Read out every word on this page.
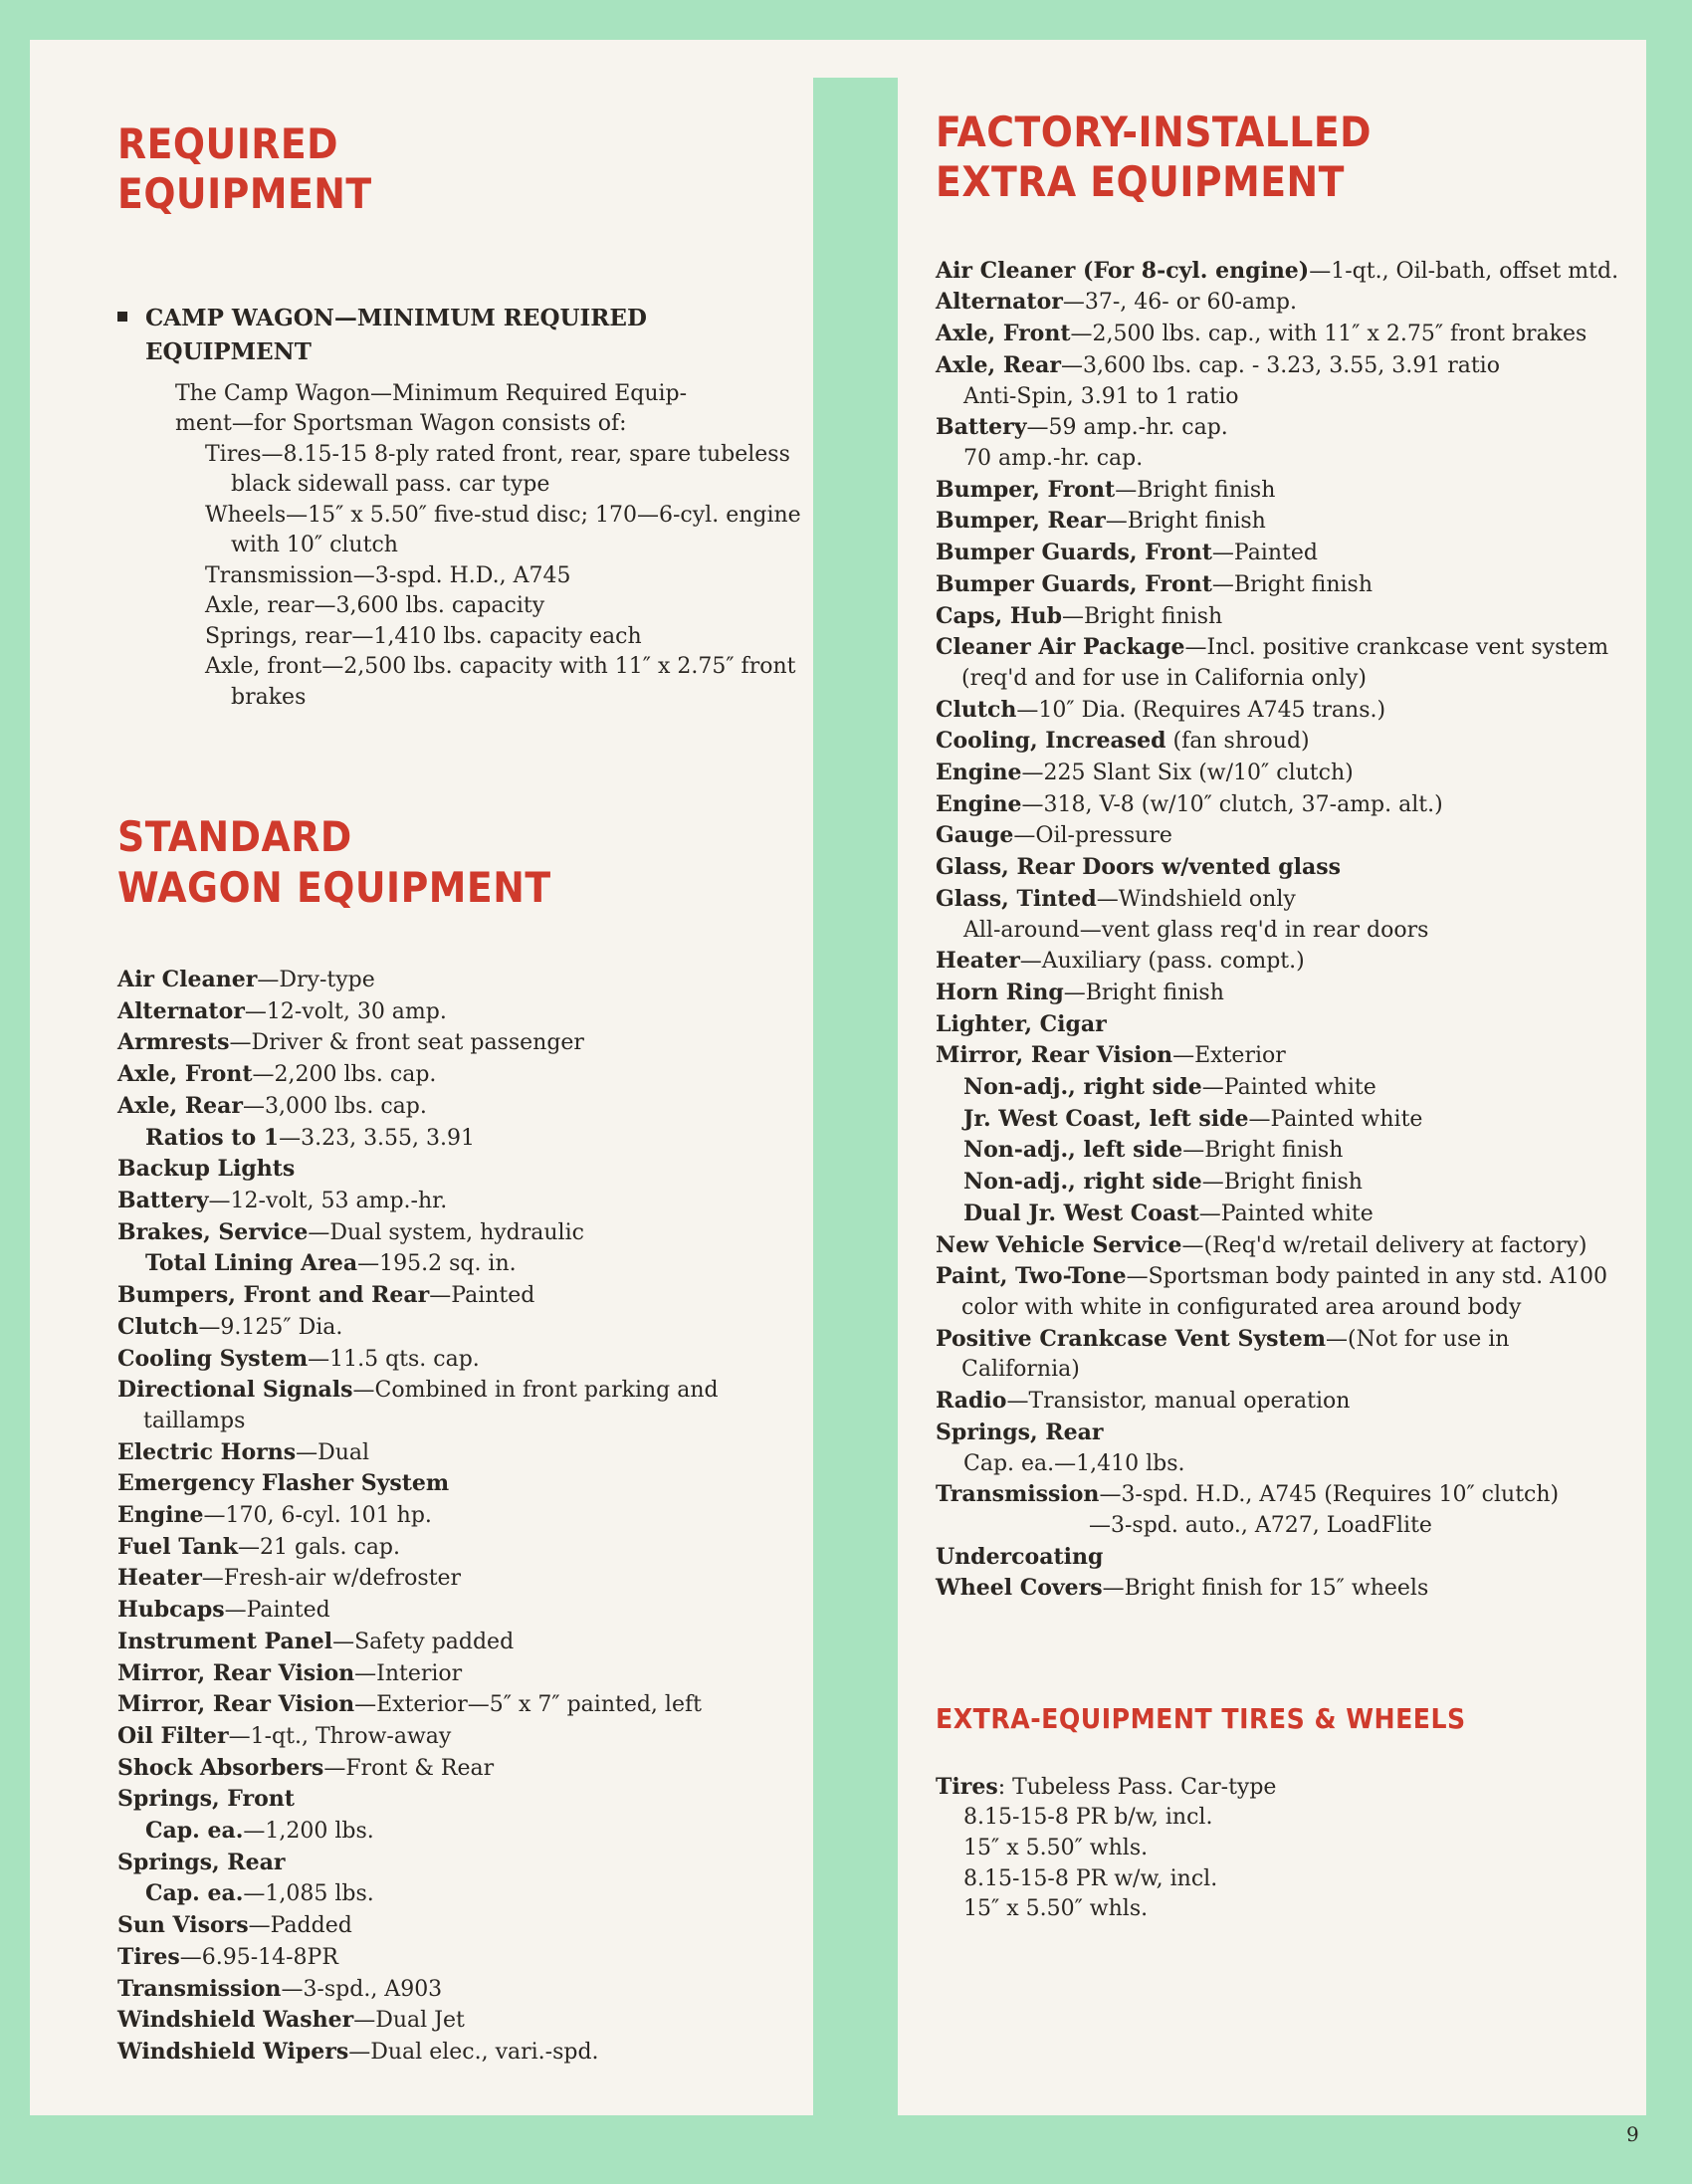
REQUIRED
EQUIPMENT
CAMP WAGON—MINIMUM REQUIRED
EQUIPMENT
The Camp Wagon—Minimum Required Equip-
ment—for Sportsman Wagon consists of:

Tires—8.15-15 8-ply rated front, rear, spare tubeless black sidewall pass. car type

Wheels—15″ x 5.50″ five-stud disc; 170—6-cyl. engine with 10″ clutch

Transmission—3-spd. H.D., A745

Axle, rear—3,600 lbs. capacity

Springs, rear—1,410 lbs. capacity each

Axle, front—2,500 lbs. capacity with 11″ x 2.75″ front brakes

STANDARD
WAGON EQUIPMENT

Air Cleaner—Dry-type

Alternator—12-volt, 30 amp.

Armrests—Driver & front seat passenger

Axle, Front—2,200 lbs. cap.

Axle, Rear—3,000 lbs. cap.

Ratios to 1—3.23, 3.55, 3.91

Backup Lights

Battery—12-volt, 53 amp.-hr.

Brakes, Service—Dual system, hydraulic

Total Lining Area—195.2 sq. in.

Bumpers, Front and Rear—Painted

Clutch—9.125″ Dia.

Cooling System—11.5 qts. cap.

Directional Signals—Combined in front parking and taillamps

Electric Horns—Dual

Emergency Flasher System

Engine—170, 6-cyl. 101 hp.

Fuel Tank—21 gals. cap.

Heater—Fresh-air w/defroster

Hubcaps—Painted

Instrument Panel—Safety padded

Mirror, Rear Vision—Interior

Mirror, Rear Vision—Exterior—5″ x 7″ painted, left

Oil Filter—1-qt., Throw-away

Shock Absorbers—Front & Rear

Springs, Front

Cap. ea.—1,200 lbs.

Springs, Rear

Cap. ea.—1,085 lbs.

Sun Visors—Padded

Tires—6.95-14-8PR

Transmission—3-spd., A903

Windshield Washer—Dual Jet

Windshield Wipers—Dual elec., vari.-spd.

FACTORY-INSTALLED
EXTRA EQUIPMENT

Air Cleaner (For 8-cyl. engine)—1-qt., Oil-bath, offset mtd.

Alternator—37-, 46- or 60-amp.

Axle, Front—2,500 lbs. cap., with 11″ x 2.75″ front brakes

Axle, Rear—3,600 lbs. cap. - 3.23, 3.55, 3.91 ratio

Anti-Spin, 3.91 to 1 ratio

Battery—59 amp.-hr. cap.

70 amp.-hr. cap.

Bumper, Front—Bright finish

Bumper, Rear—Bright finish

Bumper Guards, Front—Painted

Bumper Guards, Front—Bright finish

Caps, Hub—Bright finish

Cleaner Air Package—Incl. positive crankcase vent system (req'd and for use in California only)

Clutch—10″ Dia. (Requires A745 trans.)

Cooling, Increased (fan shroud)

Engine—225 Slant Six (w/10″ clutch)

Engine—318, V-8 (w/10″ clutch, 37-amp. alt.)

Gauge—Oil-pressure

Glass, Rear Doors w/vented glass

Glass, Tinted—Windshield only

All-around—vent glass req'd in rear doors

Heater—Auxiliary (pass. compt.)

Horn Ring—Bright finish

Lighter, Cigar

Mirror, Rear Vision—Exterior

Non-adj., right side—Painted white

Jr. West Coast, left side—Painted white

Non-adj., left side—Bright finish

Non-adj., right side—Bright finish

Dual Jr. West Coast—Painted white

New Vehicle Service—(Req'd w/retail delivery at factory)

Paint, Two-Tone—Sportsman body painted in any std. A100 color with white in configurated area around body

Positive Crankcase Vent System—(Not for use in California)

Radio—Transistor, manual operation

Springs, Rear

Cap. ea.—1,410 lbs.

Transmission—3-spd. H.D., A745 (Requires 10″ clutch)

—3-spd. auto., A727, LoadFlite

Undercoating

Wheel Covers—Bright finish for 15″ wheels

EXTRA-EQUIPMENT TIRES & WHEELS

Tires: Tubeless Pass. Car-type

8.15-15-8 PR b/w, incl.

15″ x 5.50″ whls.

8.15-15-8 PR w/w, incl.

15″ x 5.50″ whls.

9
